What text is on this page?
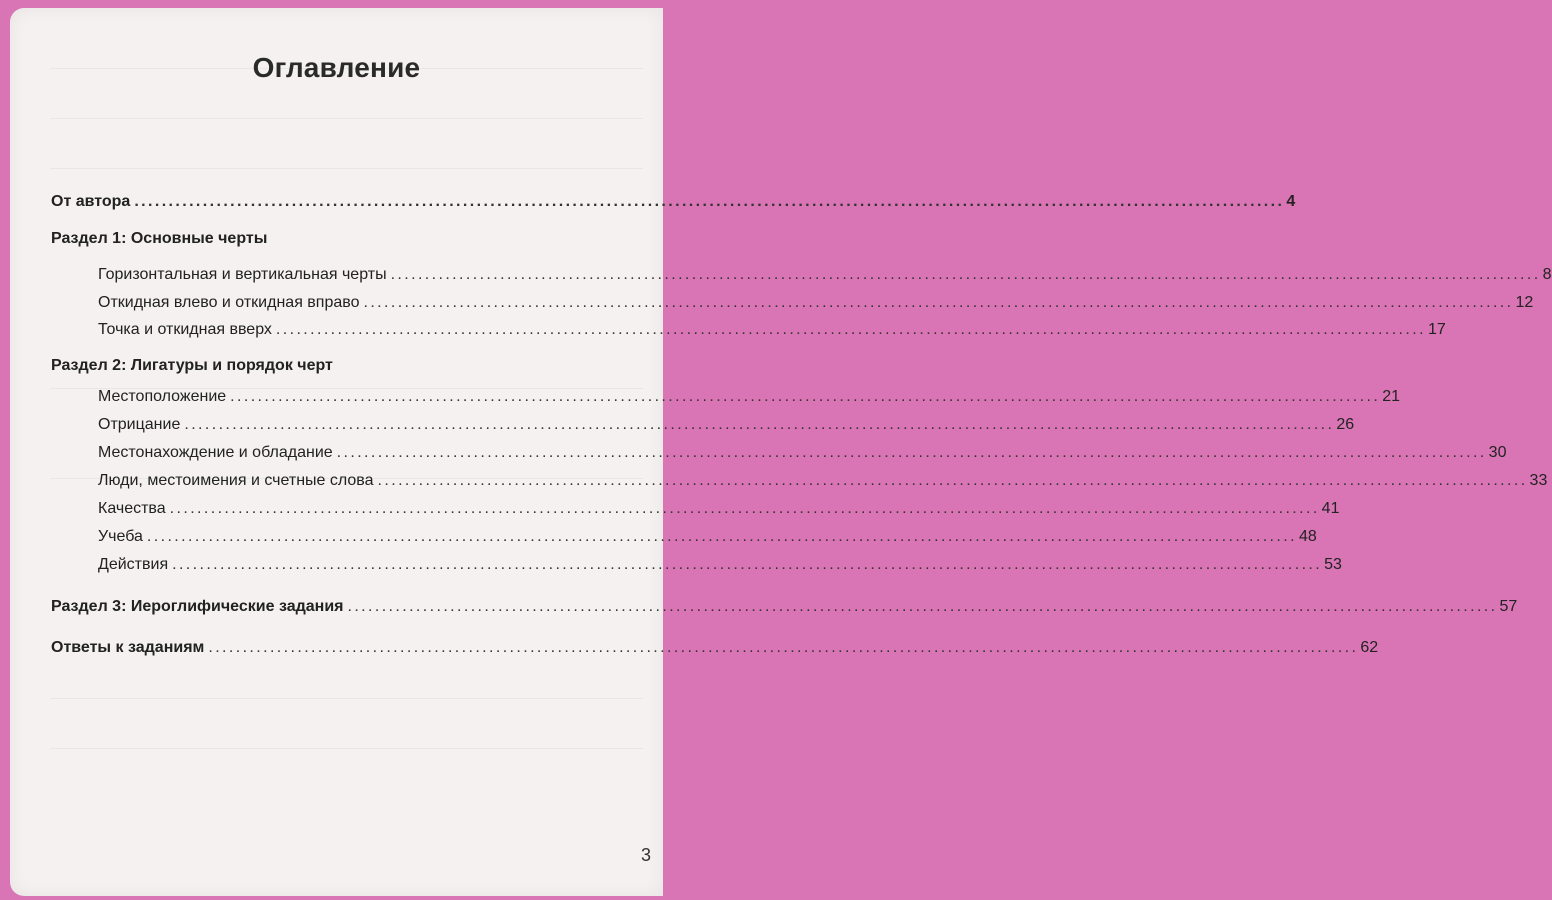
Оглавление
От автора ........................................................................................................................................................................ 4
Раздел 1: Основные черты
Горизонтальная и вертикальная черты ........................................................................................................................................................................ 8
Откидная влево и откидная вправо ........................................................................................................................................................................ 12
Точка и откидная вверх ........................................................................................................................................................................ 17
Раздел 2: Лигатуры и порядок черт
Местоположение ........................................................................................................................................................................ 21
Отрицание ........................................................................................................................................................................ 26
Местонахождение и обладание ........................................................................................................................................................................ 30
Люди, местоимения и счетные слова ........................................................................................................................................................................ 33
Качества ........................................................................................................................................................................ 41
Учеба ........................................................................................................................................................................ 48
Действия ........................................................................................................................................................................ 53
Раздел 3: Иероглифические задания ........................................................................................................................................................................ 57
Ответы к заданиям ........................................................................................................................................................................ 62
3
